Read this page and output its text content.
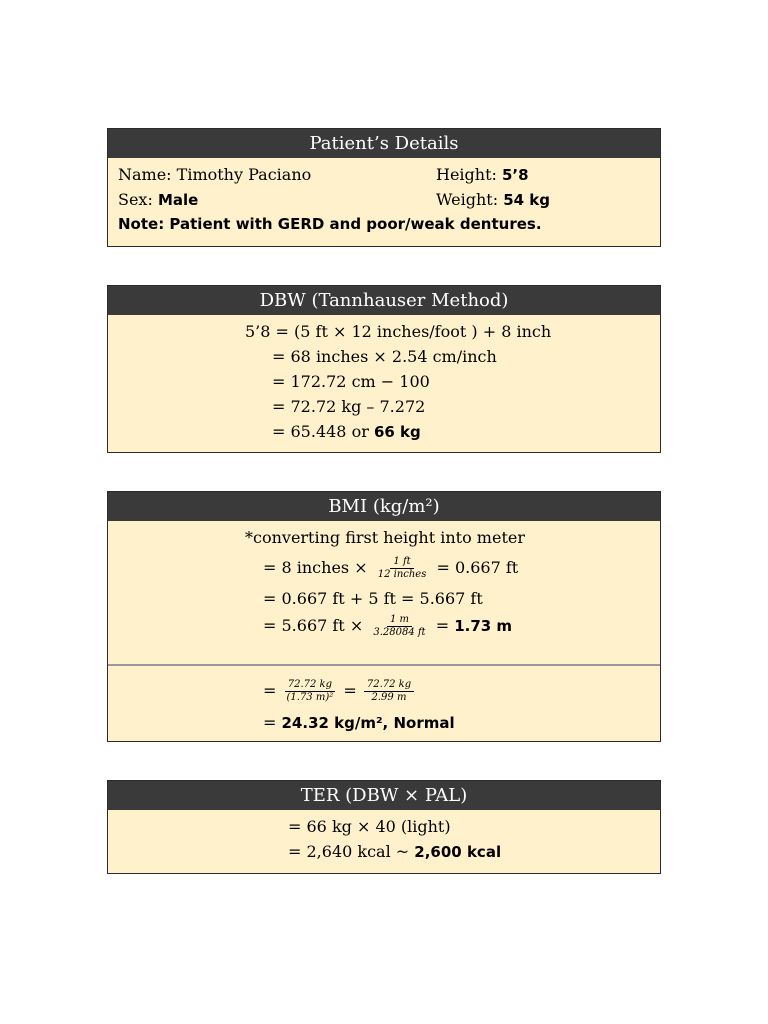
Patient’s Details
Name: Timothy Paciano	Height: 5’8
Sex: Male	Weight: 54 kg
Note: Patient with GERD and poor/weak dentures.
DBW (Tannhauser Method)
5’8 = (5 ft × 12 inches/foot ) + 8 inch
= 68 inches × 2.54 cm/inch
= 172.72 cm − 100
= 72.72 kg – 7.272
= 65.448 or 66 kg
BMI (kg/m²)
*converting first height into meter
= 8 inches × $\frac{1 ft}{\text{12 inches}} = 0.667$ ft
= 0.667 ft + 5 ft = 5.667 ft
= 5.667 ft × $\frac{1 m}{3.28084 ft} = 1.73$ m
= $\frac{72.72 kg}{\text{(1.73 m)²}} = \frac{72.72 kg}{2.99 m}$
= 24.32 kg/m², Normal
TER (DBW × PAL)
= 66 kg × 40 (light)
= 2,640 kcal ~ 2,600 kcal
